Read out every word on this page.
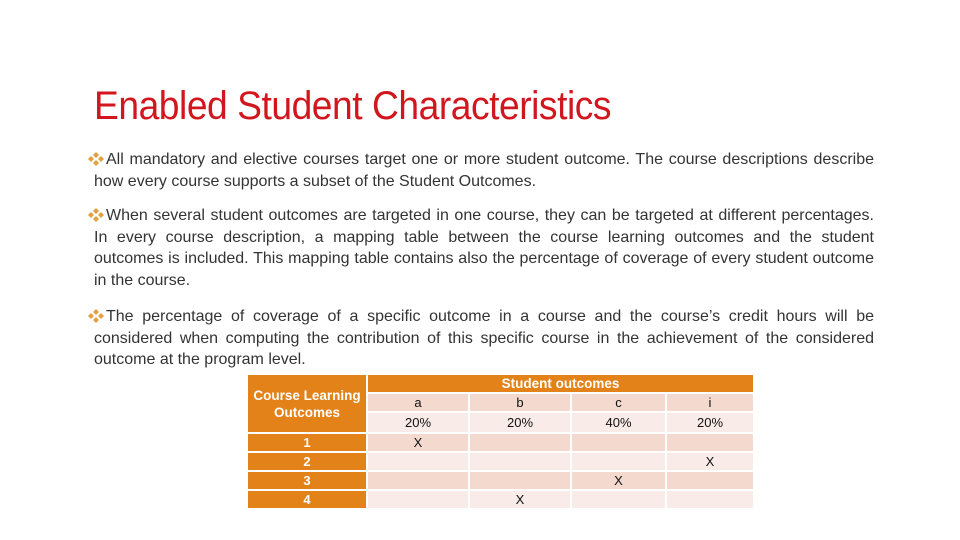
Enabled Student Characteristics
All mandatory and elective courses target one or more student outcome. The course descriptions describe how every course supports a subset of the Student Outcomes.
When several student outcomes are targeted in one course, they can be targeted at different percentages. In every course description, a mapping table between the course learning outcomes and the student outcomes is included. This mapping table contains also the percentage of coverage of every student outcome in the course.
The percentage of coverage of a specific outcome in a course and the course’s credit hours will be considered when computing the contribution of this specific course in the achievement of the considered outcome at the program level.
Course Learning Outcomes	Student outcomes			
	a	b	c	i
	20%	20%	40%	20%
1	X			
2				X
3			X	
4		X		
